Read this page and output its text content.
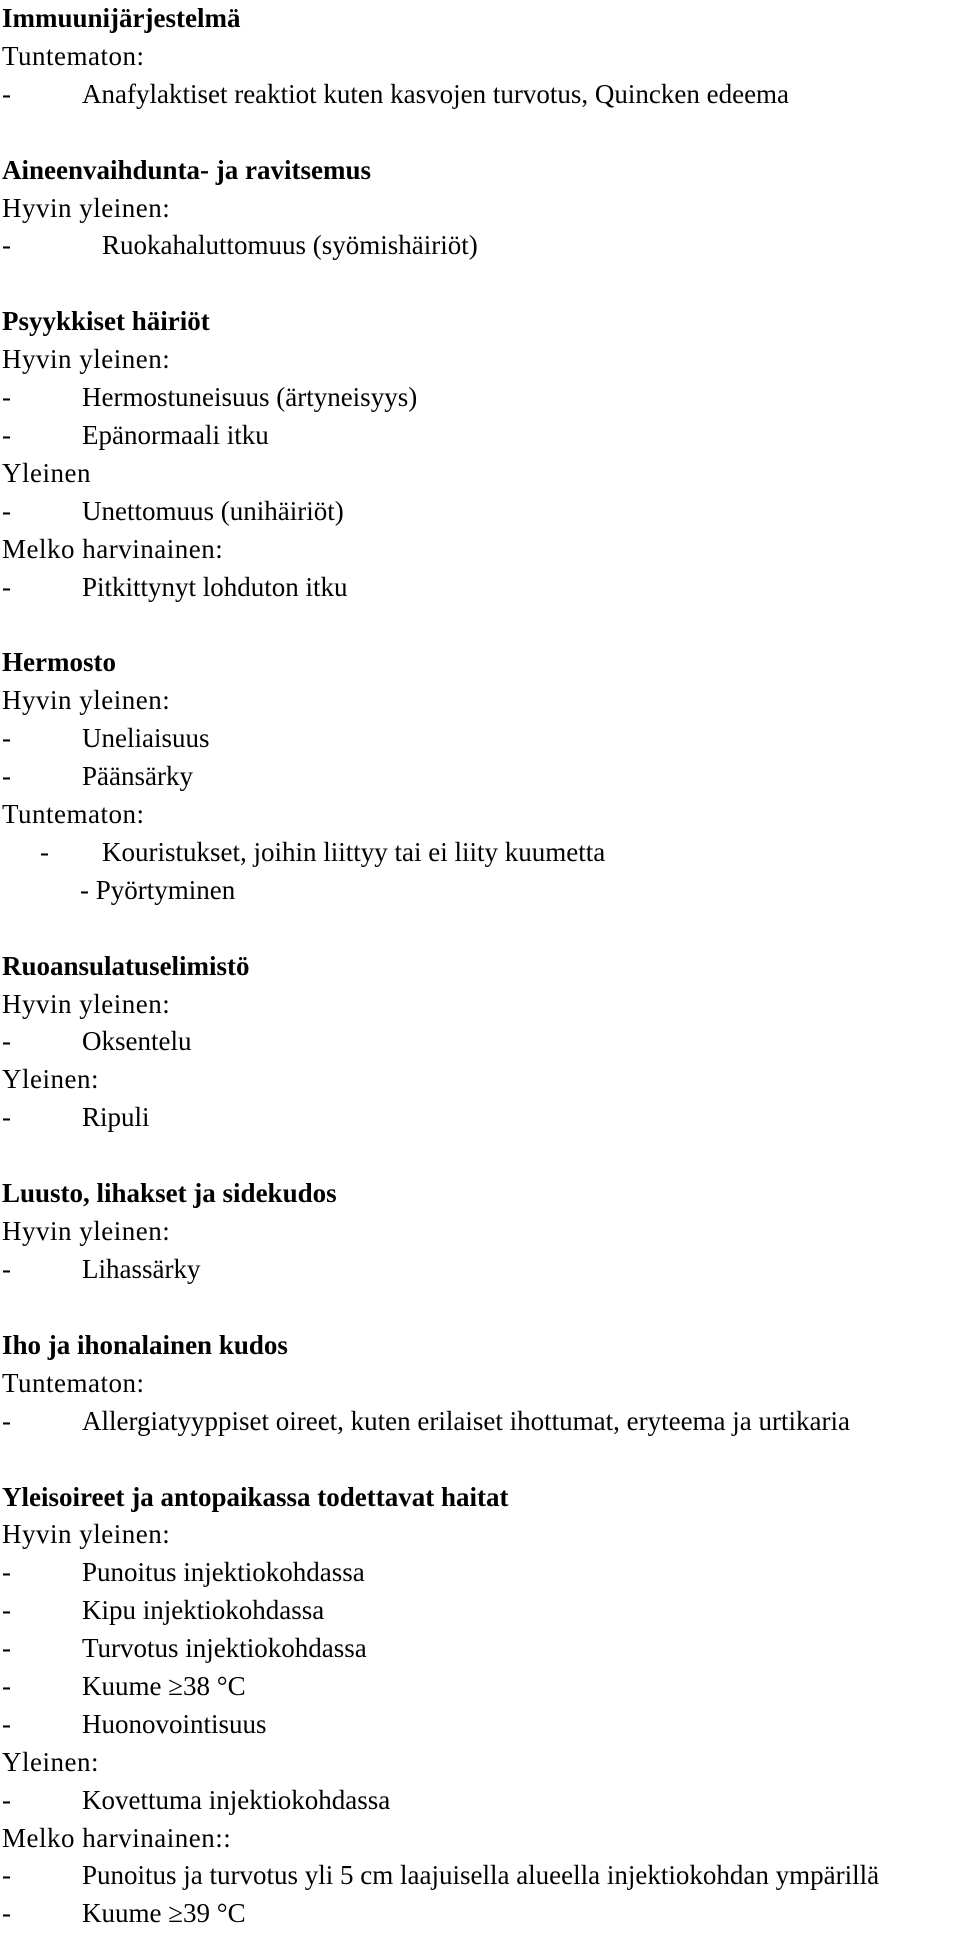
Immuunijärjestelmä
Tuntematon:
-	Anafylaktiset reaktiot kuten kasvojen turvotus, Quincken edeema
Aineenvaihdunta- ja ravitsemus
Hyvin yleinen:
-	Ruokahaluttomuus (syömishäiriöt)
Psyykkiset häiriöt
Hyvin yleinen:
-	Hermostuneisuus (ärtyneisyys)
-	Epänormaali itku
Yleinen
-	Unettomuus (unihäiriöt)
Melko harvinainen:
-	Pitkittynyt lohduton itku
Hermosto
Hyvin yleinen:
-	Uneliaisuus
-	Päänsärky
Tuntematon:
- Kouristukset, joihin liittyy tai ei liity kuumetta
- Pyörtyminen
Ruoansulatuselimistö
Hyvin yleinen:
-	Oksentelu
Yleinen:
-	Ripuli
Luusto, lihakset ja sidekudos
Hyvin yleinen:
-	Lihassärky
Iho ja ihonalainen kudos
Tuntematon:
-	Allergiatyyppiset oireet, kuten erilaiset ihottumat, eryteema ja urtikaria
Yleisoireet ja antopaikassa todettavat haitat
Hyvin yleinen:
-	Punoitus injektiokohdassa
-	Kipu injektiokohdassa
-	Turvotus injektiokohdassa
-	Kuume ≥38 °C
-	Huonovointisuus
Yleinen:
-	Kovettuma injektiokohdassa
Melko harvinainen::
-	Punoitus ja turvotus yli 5 cm laajuisella alueella injektiokohdan ympärillä
-	Kuume ≥39 °C
